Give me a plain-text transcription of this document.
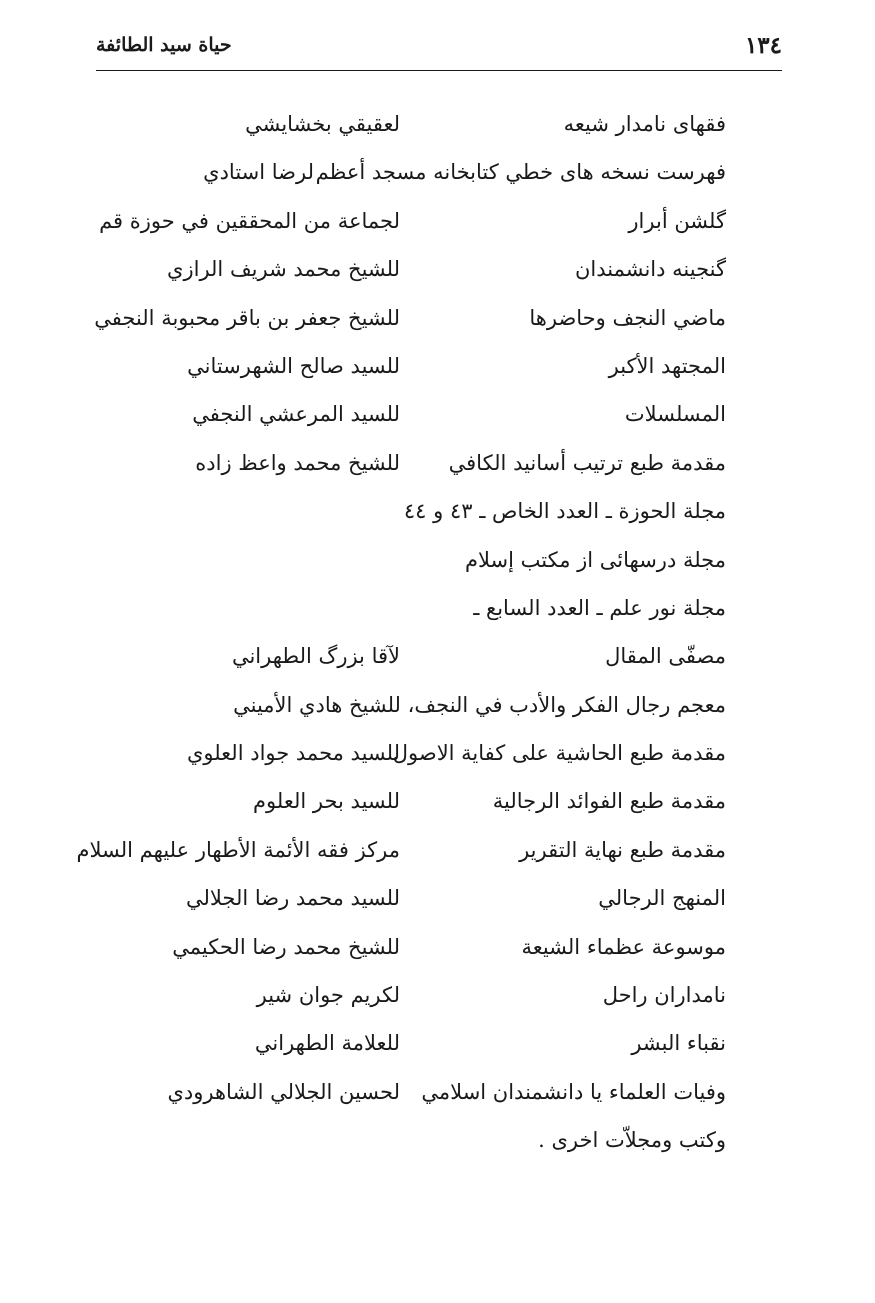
١٣٤
حياة سيد الطائفة
فقهاى نامدار شيعه
لعقيقي بخشايشي
فهرست نسخه هاى خطي كتابخانه مسجد أعظم
لرضا استادي
گلشن أبرار
لجماعة من المحققين في حوزة قم
گنجينه دانشمندان
للشيخ محمد شريف الرازي
ماضي النجف وحاضرها
للشيخ جعفر بن باقر محبوبة النجفي
المجتهد الأكبر
للسيد صالح الشهرستاني
المسلسلات
للسيد المرعشي النجفي
مقدمة طبع ترتيب أسانيد الكافي
للشيخ محمد واعظ زاده
مجلة الحوزة ـ العدد الخاص ـ ٤٣ و ٤٤
مجلة درسهائى از مكتب إسلام
مجلة نور علم ـ العدد السابع ـ
مصفّى المقال
لآقا بزرگ الطهراني
معجم رجال الفكر والأدب في النجف، للشيخ هادي الأميني
مقدمة طبع الحاشية على كفاية الاصول
للسيد محمد جواد العلوي
مقدمة طبع الفوائد الرجالية
للسيد بحر العلوم
مقدمة طبع نهاية التقرير
مركز فقه الأئمة الأطهار عليهم السلام
المنهج الرجالي
للسيد محمد رضا الجلالي
موسوعة عظماء الشيعة
للشيخ محمد رضا الحكيمي
نامداران راحل
لكريم جوان شير
نقباء البشر
للعلامة الطهراني
وفيات العلماء يا دانشمندان اسلامي
لحسين الجلالي الشاهرودي
وكتب ومجلاّت اخرى .
